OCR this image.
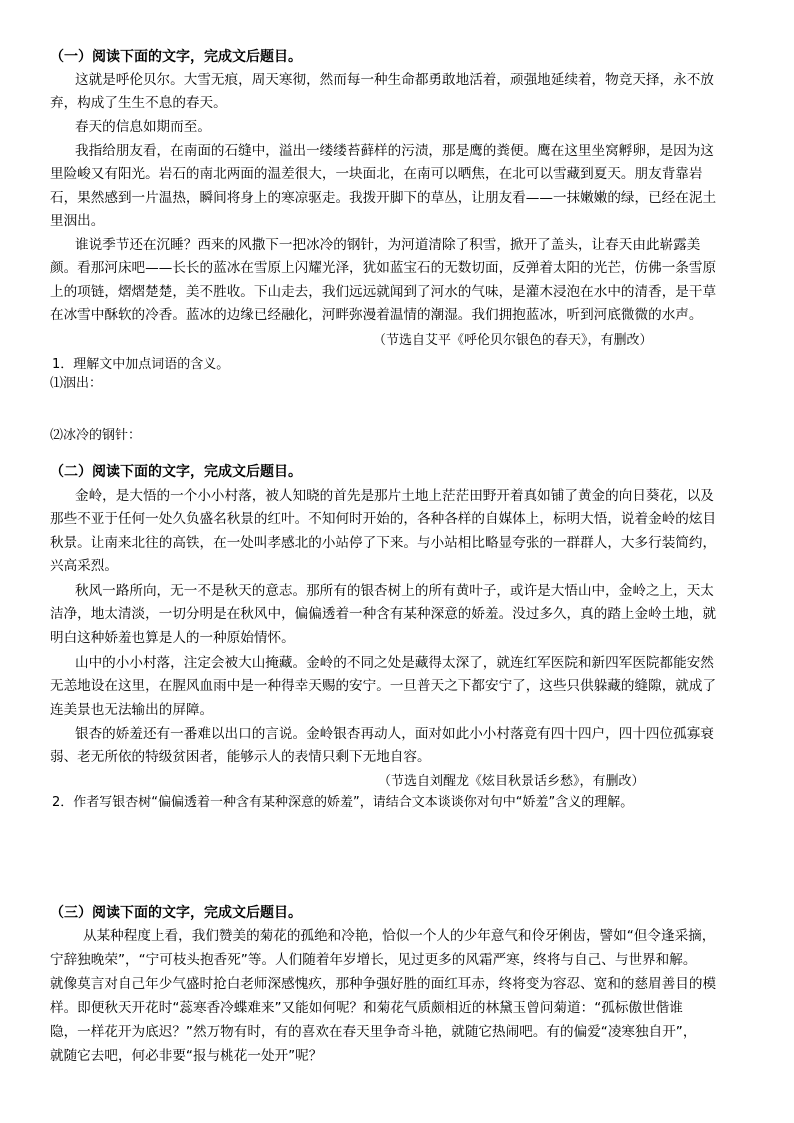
（一）阅读下面的文字，完成文后题目。
这就是呼伦贝尔。大雪无痕，周天寒彻，然而每一种生命都勇敢地活着，顽强地延续着，物竞天择，永不放
弃，构成了生生不息的春天。
春天的信息如期而至。
我指给朋友看，在南面的石缝中，溢出一缕缕苔藓样的污渍，那是鹰的粪便。鹰在这里坐窝孵卵，是因为这
里险峻又有阳光。岩石的南北两面的温差很大，一块面北，在南可以晒焦，在北可以雪藏到夏天。朋友背靠岩
石，果然感到一片温热，瞬间将身上的寒凉驱走。我拨开脚下的草丛，让朋友看——一抹嫩嫩的绿，已经在泥土
里洇出。
谁说季节还在沉睡？西来的风撒下一把冰冷的钢针，为河道清除了积雪，掀开了盖头，让春天由此崭露美
颜。看那河床吧——长长的蓝冰在雪原上闪耀光泽，犹如蓝宝石的无数切面，反弹着太阳的光芒，仿佛一条雪原
上的项链，熠熠楚楚，美不胜收。下山走去，我们远远就闻到了河水的气味，是灌木浸泡在水中的清香，是干草
在冰雪中酥软的冷香。蓝冰的边缘已经融化，河畔弥漫着温情的潮湿。我们拥抱蓝冰，听到河底微微的水声。
（节选自艾平《呼伦贝尔银色的春天》，有删改）
1．理解文中加点词语的含义。
⑴洇出：
⑵冰冷的钢针：
（二）阅读下面的文字，完成文后题目。
金岭，是大悟的一个小小村落，被人知晓的首先是那片土地上茫茫田野开着真如铺了黄金的向日葵花，以及
那些不亚于任何一处久负盛名秋景的红叶。不知何时开始的，各种各样的自媒体上，标明大悟，说着金岭的炫目
秋景。让南来北往的高铁，在一处叫孝感北的小站停了下来。与小站相比略显夸张的一群群人，大多行装简约，
兴高采烈。
秋风一路所向，无一不是秋天的意志。那所有的银杏树上的所有黄叶子，或许是大悟山中，金岭之上，天太
洁净，地太清淡，一切分明是在秋风中，偏偏透着一种含有某种深意的娇羞。没过多久，真的踏上金岭土地，就
明白这种娇羞也算是人的一种原始情怀。
山中的小小村落，注定会被大山掩藏。金岭的不同之处是藏得太深了，就连红军医院和新四军医院都能安然
无恙地设在这里，在腥风血雨中是一种得幸天赐的安宁。一旦普天之下都安宁了，这些只供躲藏的缝隙，就成了
连美景也无法输出的屏障。
银杏的娇羞还有一番难以出口的言说。金岭银杏再动人，面对如此小小村落竟有四十四户，四十四位孤寡衰
弱、老无所依的特级贫困者，能够示人的表情只剩下无地自容。
（节选自刘醒龙《炫目秋景话乡愁》，有删改）
2．作者写银杏树“偏偏透着一种含有某种深意的娇羞”，请结合文本谈谈你对句中“娇羞”含义的理解。
（三）阅读下面的文字，完成文后题目。
从某种程度上看，我们赞美的菊花的孤绝和冷艳，恰似一个人的少年意气和伶牙俐齿，譬如“但令逢采摘，
宁辞独晚荣”，“宁可枝头抱香死”等。人们随着年岁增长，见过更多的风霜严寒，终将与自己、与世界和解。
就像莫言对自己年少气盛时抢白老师深感愧疚，那种争强好胜的面红耳赤，终将变为容忍、宽和的慈眉善目的模
样。即便秋天开花时“蕊寒香冷蝶难来”又能如何呢？和菊花气质颇相近的林黛玉曾问菊道：“孤标傲世偕谁
隐，一样花开为底迟？”然万物有时，有的喜欢在春天里争奇斗艳，就随它热闹吧。有的偏爱“凌寒独自开”，
就随它去吧，何必非要“报与桃花一处开”呢？
